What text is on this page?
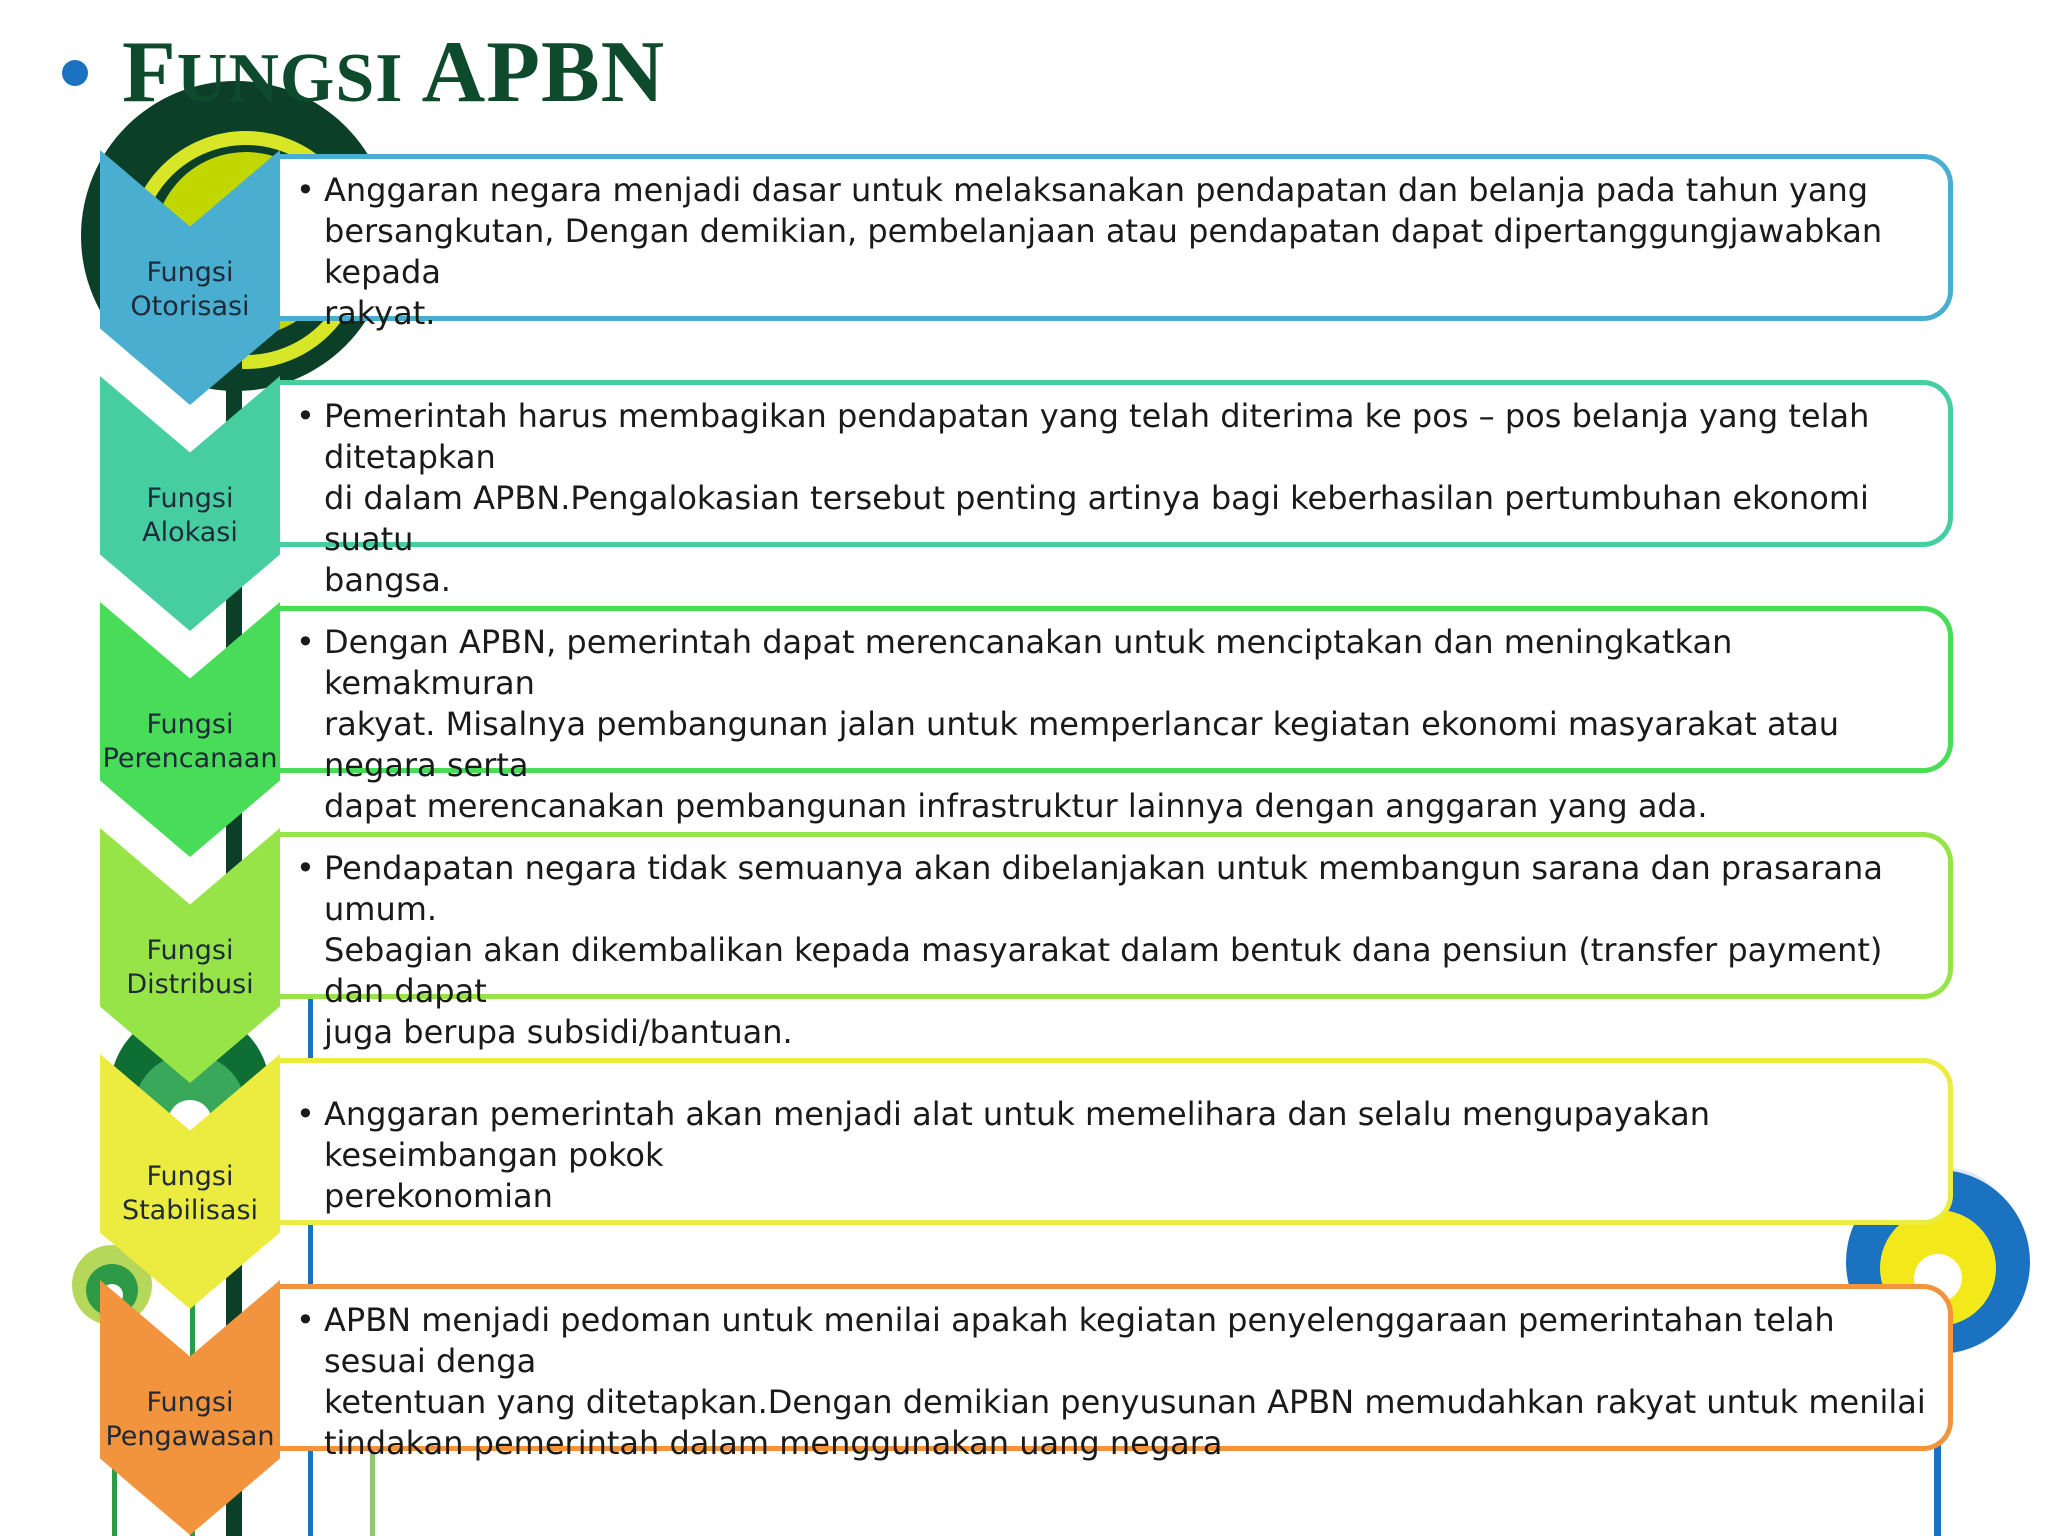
FUNGSI APBN
Fungsi
Otorisasi
• Anggaran negara menjadi dasar untuk melaksanakan pendapatan dan belanja pada tahun yang
bersangkutan, Dengan demikian, pembelanjaan atau pendapatan dapat dipertanggungjawabkan kepada
rakyat.
Fungsi
Alokasi
• Pemerintah harus membagikan pendapatan yang telah diterima ke pos – pos belanja yang telah ditetapkan
di dalam APBN.Pengalokasian tersebut penting artinya bagi keberhasilan pertumbuhan ekonomi suatu
bangsa.
Fungsi
Perencanaan
• Dengan APBN, pemerintah dapat merencanakan untuk menciptakan dan meningkatkan kemakmuran
rakyat. Misalnya pembangunan jalan untuk memperlancar kegiatan ekonomi masyarakat atau negara serta
dapat merencanakan pembangunan infrastruktur lainnya dengan anggaran yang ada.
Fungsi
Distribusi
• Pendapatan negara tidak semuanya akan dibelanjakan untuk membangun sarana dan prasarana umum.
Sebagian akan dikembalikan kepada masyarakat dalam bentuk dana pensiun (transfer payment) dan dapat
juga berupa subsidi/bantuan.
Fungsi
Stabilisasi
• Anggaran pemerintah akan menjadi alat untuk memelihara dan selalu mengupayakan keseimbangan pokok
perekonomian
Fungsi
Pengawasan
• APBN menjadi pedoman untuk menilai apakah kegiatan penyelenggaraan pemerintahan telah sesuai denga
ketentuan yang ditetapkan.Dengan demikian penyusunan APBN memudahkan rakyat untuk menilai
tindakan pemerintah dalam menggunakan uang negara
